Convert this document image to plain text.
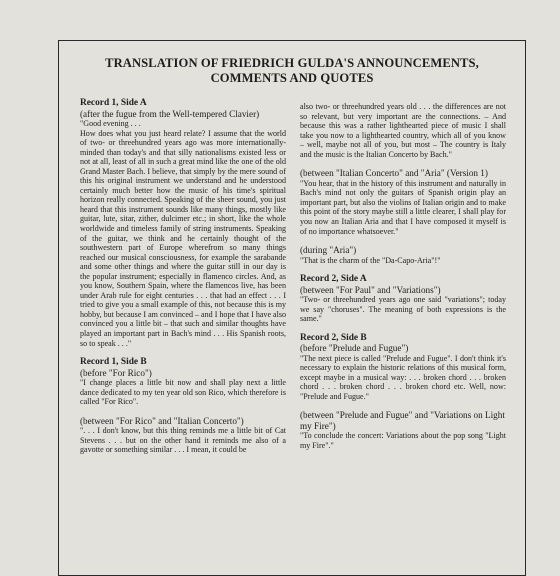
TRANSLATION OF FRIEDRICH GULDA'S ANNOUNCEMENTS,
COMMENTS AND QUOTES
Record 1, Side A
(after the fugue from the Well-tempered Clavier)

"Good evening . . .
How does what you just heard relate? I assume that the world of two- or threehundred years ago was more internationally-minded than today's and that silly nationalisms existed less or not at all, least of all in such a great mind like the one of the old Grand Master Bach. I believe, that simply by the mere sound of this his original instrument we understand and he understood certainly much better how the music of his time's spiritual horizon really connected. Speaking of the sheer sound, you just heard that this instrument sounds like many things, mostly like guitar, lute, sitar, zither, dulcimer etc.; in short, like the whole worldwide and timeless family of string instruments. Speaking of the guitar, we think and he certainly thought of the southwestern part of Europe wherefrom so many things reached our musical consciousness, for example the sarabande and some other things and where the guitar still in our day is the popular instrument; especially in flamenco circles. And, as you know, Southern Spain, where the flamencos live, has been under Arab rule for eight centuries . . . that had an effect . . . I tried to give you a small example of this, not because this is my hobby, but because I am convinced – and I hope that I have also convinced you a little bit – that such and similar thoughts have played an important part in Bach's mind . . . His Spanish roots, so to speak . . ."

Record 1, Side B
(before "For Rico")

"I change places a little bit now and shall play next a little dance dedicated to my ten year old son Rico, which therefore is called "For Rico".

(between "For Rico" and "Italian Concerto")

". . . I don't know, but this thing reminds me a little bit of Cat Stevens . . . but on the other hand it reminds me also of a gavotte or something similar . . . I mean, it could be

also two- or threehundred years old . . . the differences are not so relevant, but very important are the connections. – And because this was a rather lighthearted piece of music I shall take you now to a lighthearted country, which all of you know – well, maybe not all of you, but most – The country is Italy and the music is the Italian Concerto by Bach."

(between "Italian Concerto" and "Aria" (Version 1)

"You hear, that in the history of this instrument and naturally in Bach's mind not only the guitars of Spanish origin play an important part, but also the violins of Italian origin and to make this point of the story maybe still a little clearer, I shall play for you now an Italian Aria and that I have composed it myself is of no importance whatsoever."

(during "Aria")

"That is the charm of the "Da-Capo-Aria"!"

Record 2, Side A
(between "For Paul" and "Variations")

"Two- or threehundred years ago one said "variations"; today we say "choruses". The meaning of both expressions is the same."

Record 2, Side B
(before "Prelude and Fugue")

"The next piece is called "Prelude and Fugue". I don't think it's necessary to explain the historic relations of this musical form, except maybe in a musical way: . . . broken chord . . . broken chord . . . broken chord . . . broken chord etc. Well, now: "Prelude and Fugue."

(between "Prelude and Fugue" and "Variations on Light my Fire")

"To conclude the concert: Variations about the pop song "Light my Fire"."
